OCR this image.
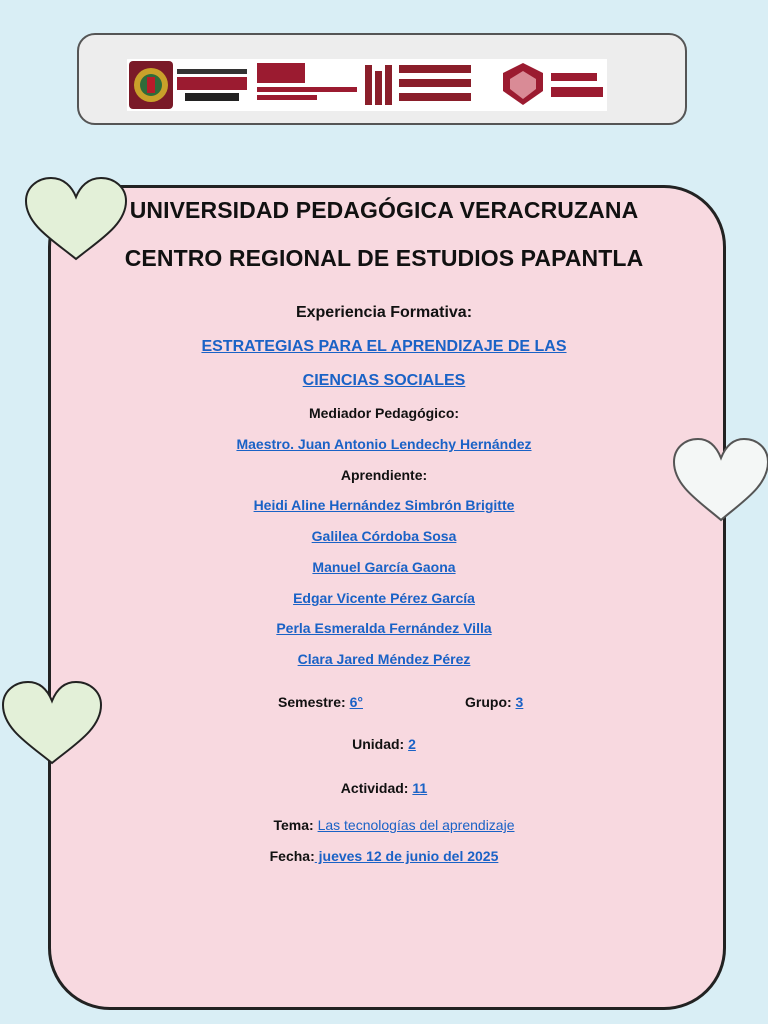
UNIVERSIDAD PEDAGÓGICA VERACRUZANA
CENTRO REGIONAL DE ESTUDIOS PAPANTLA
Experiencia Formativa:
ESTRATEGIAS PARA EL APRENDIZAJE DE LAS
CIENCIAS SOCIALES
Mediador Pedagógico:
Maestro. Juan Antonio Lendechy Hernández
Aprendiente:
Heidi Aline Hernández Simbrón Brigitte
Galilea Córdoba Sosa
Manuel García Gaona
Edgar Vicente Pérez García
Perla Esmeralda Fernández Villa
Clara Jared Méndez Pérez
Semestre: 6°	Grupo: 3
Unidad: 2
Actividad: 11
Tema: Las tecnologías del aprendizaje
Fecha: jueves 12 de junio del 2025
